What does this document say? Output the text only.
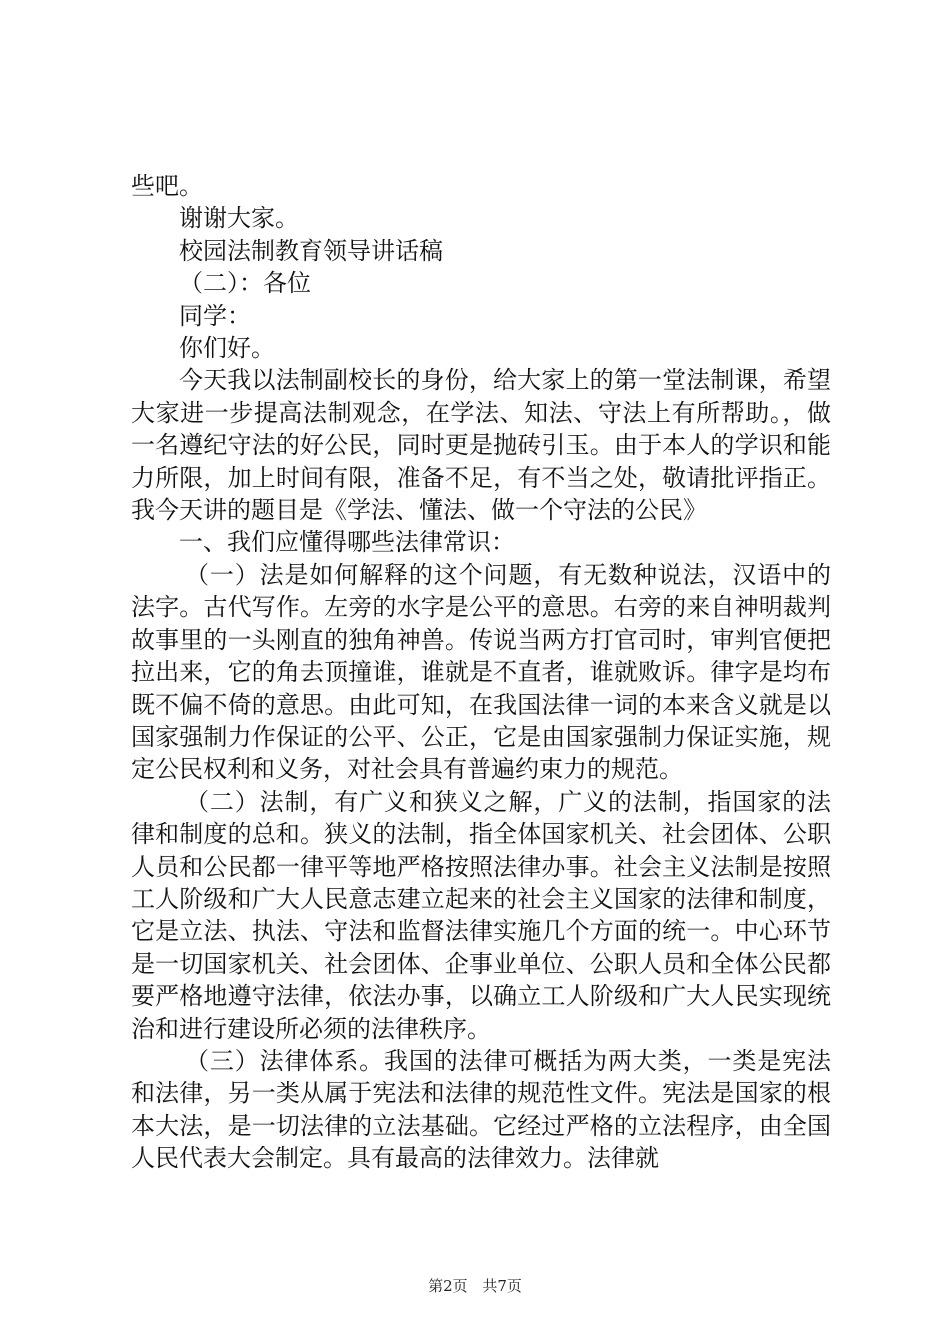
些吧。

谢谢大家。

校园法制教育领导讲话稿

（二）：各位

同学：

你们好。

今天我以法制副校长的身份，给大家上的第一堂法制课，希望大家进一步提高法制观念，在学法、知法、守法上有所帮助。，做一名遵纪守法的好公民，同时更是抛砖引玉。由于本人的学识和能力所限，加上时间有限，准备不足，有不当之处，敬请批评指正。我今天讲的题目是《学法、懂法、做一个守法的公民》

一、我们应懂得哪些法律常识：

（一）法是如何解释的这个问题，有无数种说法，汉语中的法字。古代写作。左旁的水字是公平的意思。右旁的来自神明裁判故事里的一头刚直的独角神兽。传说当两方打官司时，审判官便把拉出来，它的角去顶撞谁，谁就是不直者，谁就败诉。律字是均布既不偏不倚的意思。由此可知，在我国法律一词的本来含义就是以国家强制力作保证的公平、公正，它是由国家强制力保证实施，规定公民权利和义务，对社会具有普遍约束力的规范。

（二）法制，有广义和狭义之解，广义的法制，指国家的法律和制度的总和。狭义的法制，指全体国家机关、社会团体、公职人员和公民都一律平等地严格按照法律办事。社会主义法制是按照工人阶级和广大人民意志建立起来的社会主义国家的法律和制度，它是立法、执法、守法和监督法律实施几个方面的统一。中心环节是一切国家机关、社会团体、企事业单位、公职人员和全体公民都要严格地遵守法律，依法办事，以确立工人阶级和广大人民实现统治和进行建设所必须的法律秩序。

（三）法律体系。我国的法律可概括为两大类，一类是宪法和法律，另一类从属于宪法和法律的规范性文件。宪法是国家的根本大法，是一切法律的立法基础。它经过严格的立法程序，由全国人民代表大会制定。具有最高的法律效力。法律就

第2页 共7页
